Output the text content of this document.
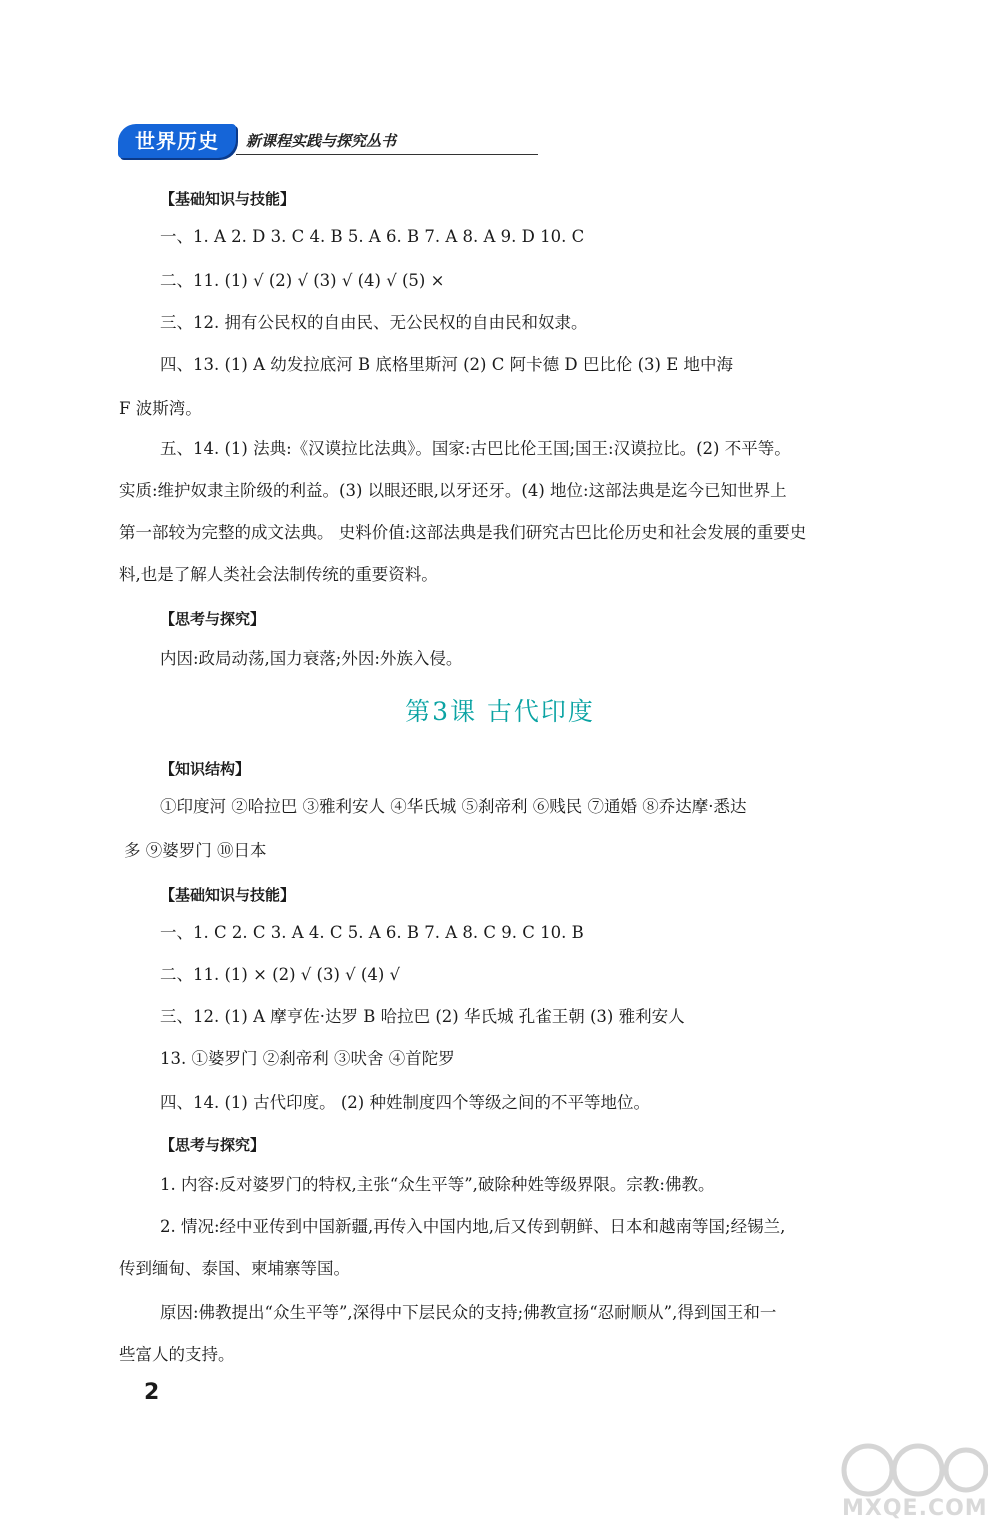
世界历史	新课程实践与探究丛书
【基础知识与技能】
一、1. A 2. D 3. C 4. B 5. A 6. B 7. A 8. A 9. D 10. C
二、11. (1) √ (2) √ (3) √ (4) √ (5) ×
三、12. 拥有公民权的自由民、无公民权的自由民和奴隶。
四、13. (1) A 幼发拉底河 B 底格里斯河 (2) C 阿卡德 D 巴比伦 (3) E 地中海
F 波斯湾。
五、14. (1) 法典:《汉谟拉比法典》。国家:古巴比伦王国;国王:汉谟拉比。(2) 不平等。
实质:维护奴隶主阶级的利益。(3) 以眼还眼,以牙还牙。(4) 地位:这部法典是迄今已知世界上
第一部较为完整的成文法典。 史料价值:这部法典是我们研究古巴比伦历史和社会发展的重要史
料,也是了解人类社会法制传统的重要资料。
【思考与探究】
内因:政局动荡,国力衰落;外因:外族入侵。
第3课 古代印度
【知识结构】
①印度河 ②哈拉巴 ③雅利安人 ④华氏城 ⑤刹帝利 ⑥贱民 ⑦通婚 ⑧乔达摩·悉达
多 ⑨婆罗门 ⑩日本
【基础知识与技能】
一、1. C 2. C 3. A 4. C 5. A 6. B 7. A 8. C 9. C 10. B
二、11. (1) × (2) √ (3) √ (4) √
三、12. (1) A 摩亨佐·达罗 B 哈拉巴 (2) 华氏城 孔雀王朝 (3) 雅利安人
13. ①婆罗门 ②刹帝利 ③吠舍 ④首陀罗
四、14. (1) 古代印度。 (2) 种姓制度四个等级之间的不平等地位。
【思考与探究】
1. 内容:反对婆罗门的特权,主张“众生平等”,破除种姓等级界限。宗教:佛教。
2. 情况:经中亚传到中国新疆,再传入中国内地,后又传到朝鲜、日本和越南等国;经锡兰,
传到缅甸、泰国、柬埔寨等国。
原因:佛教提出“众生平等”,深得中下层民众的支持;佛教宣扬“忍耐顺从”,得到国王和一
些富人的支持。
2
MXQE.COM
